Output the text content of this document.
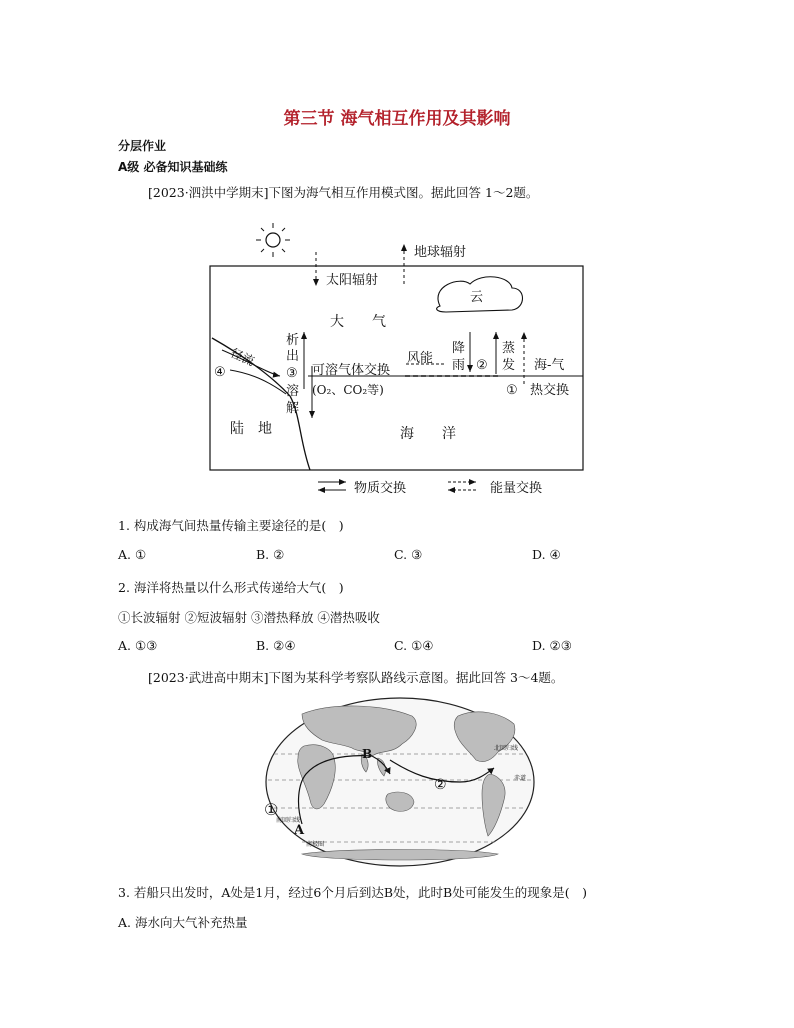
第三节 海气相互作用及其影响
分层作业
A级 必备知识基础练
[2023·泗洪中学期末]下图为海气相互作用模式图。据此回答 1～2题。
地球辐射
太阳辐射
云
大　　气
径流
④
析
出
③
溶
解
可溶气体交换
(O₂、CO₂等)
风能
降
雨 ②
蒸
发 海-气
① 热交换
陆　地	海　　洋
物质交换	能量交换
1. 构成海气间热量传输主要途径的是(　)
A. ①	B. ②	C. ③	D. ④
2. 海洋将热量以什么形式传递给大气(　)
①长波辐射 ②短波辐射 ③潜热释放 ④潜热吸收
A. ①③	B. ②④	C. ①④	D. ②③
[2023·武进高中期末]下图为某科学考察队路线示意图。据此回答 3～4题。
A
B
①
②
北回归线
赤道
南回归线
南极圈
3. 若船只出发时，A处是1月，经过6个月后到达B处，此时B处可能发生的现象是(　)
A. 海水向大气补充热量
